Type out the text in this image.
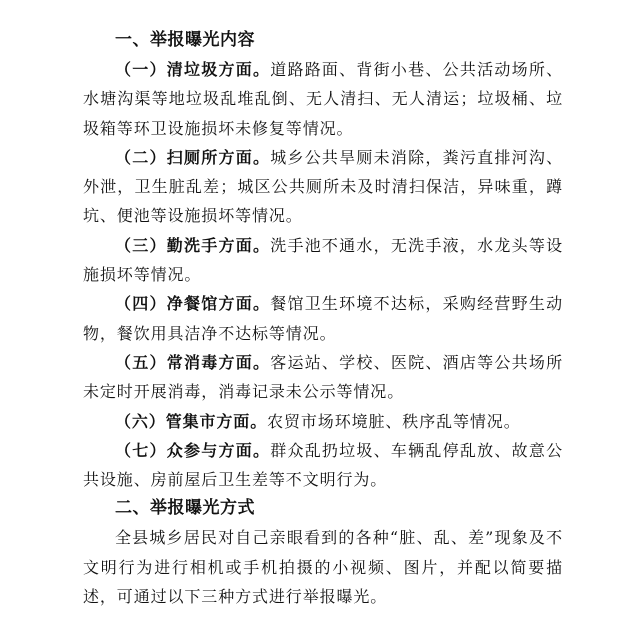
一、举报曝光内容

（一）清垃圾方面。道路路面、背街小巷、公共活动场所、水塘沟渠等地垃圾乱堆乱倒、无人清扫、无人清运；垃圾桶、垃圾箱等环卫设施损坏未修复等情况。

（二）扫厕所方面。城乡公共旱厕未消除，粪污直排河沟、外泄，卫生脏乱差；城区公共厕所未及时清扫保洁，异味重，蹲坑、便池等设施损坏等情况。

（三）勤洗手方面。洗手池不通水，无洗手液，水龙头等设施损坏等情况。

（四）净餐馆方面。餐馆卫生环境不达标，采购经营野生动物，餐饮用具洁净不达标等情况。

（五）常消毒方面。客运站、学校、医院、酒店等公共场所未定时开展消毒，消毒记录未公示等情况。

（六）管集市方面。农贸市场环境脏、秩序乱等情况。

（七）众参与方面。群众乱扔垃圾、车辆乱停乱放、故意公共设施、房前屋后卫生差等不文明行为。

二、举报曝光方式

全县城乡居民对自己亲眼看到的各种“脏、乱、差”现象及不文明行为进行相机或手机拍摄的小视频、图片，并配以简要描述，可通过以下三种方式进行举报曝光。
